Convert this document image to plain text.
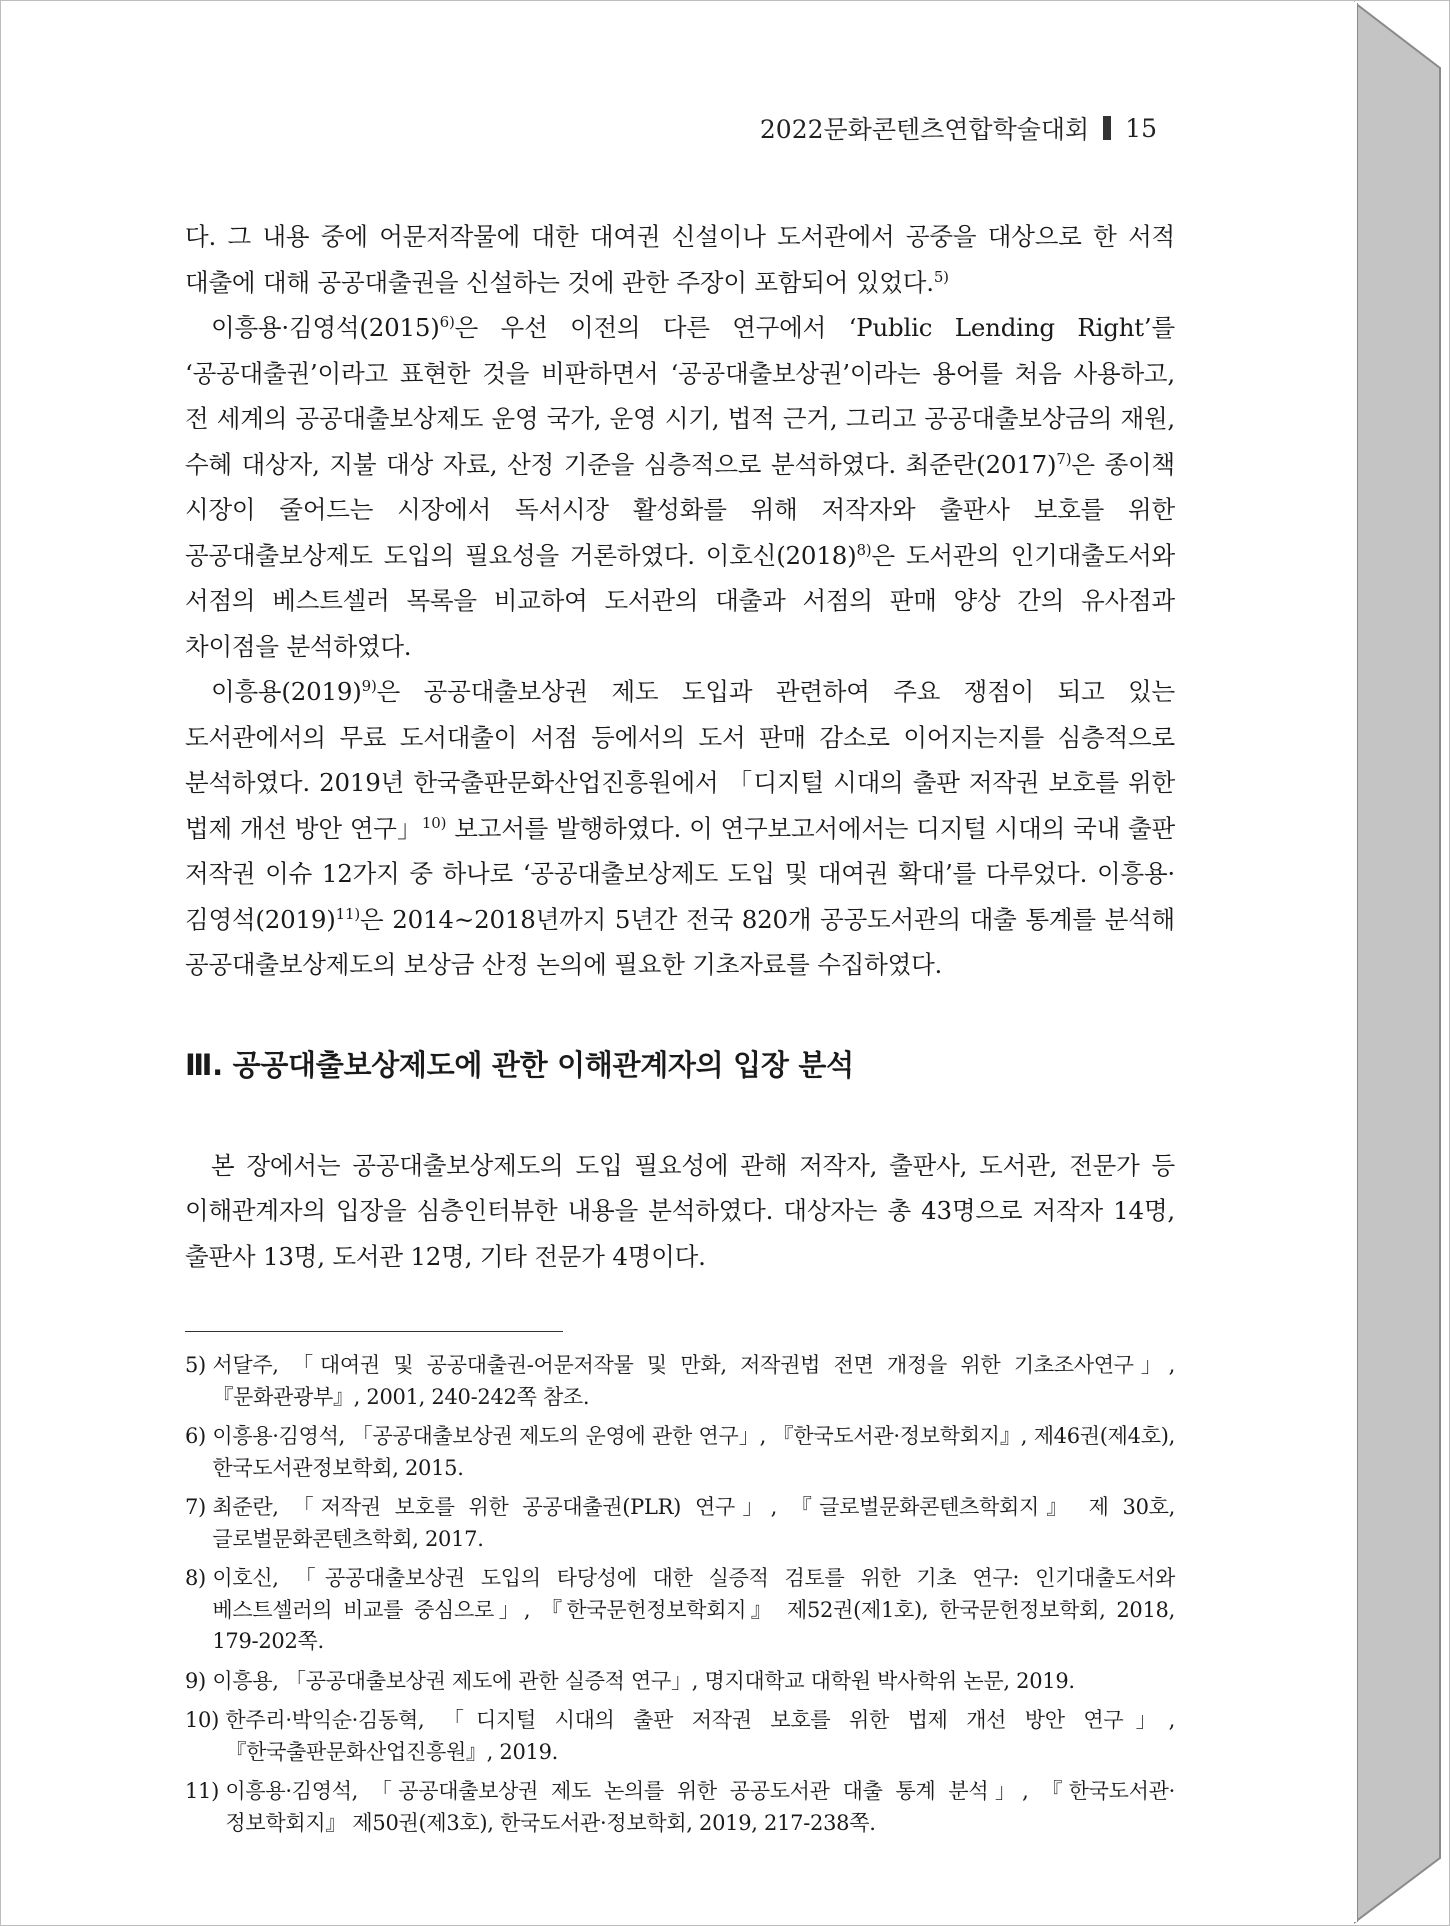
2022문화콘텐츠연합학술대회 15

다. 그 내용 중에 어문저작물에 대한 대여권 신설이나 도서관에서 공중을 대상으로 한 서적 대출에 대해 공공대출권을 신설하는 것에 관한 주장이 포함되어 있었다.$^{5)}$

이흥용·김영석$(2015)^{6)}$은 우선 이전의 다른 연구에서 ‘Public Lending Right’를 ‘공공대출권’이라고 표현한 것을 비판하면서 ‘공공대출보상권’이라는 용어를 처음 사용하고, 전 세계의 공공대출보상제도 운영 국가, 운영 시기, 법적 근거, 그리고 공공대출보상금의 재원, 수혜 대상자, 지불 대상 자료, 산정 기준을 심층적으로 분석하였다. 최준란$(2017)^{7)}$은 종이책 시장이 줄어드는 시장에서 독서시장 활성화를 위해 저작자와 출판사 보호를 위한 공공대출보상제도 도입의 필요성을 거론하였다. 이호신$(2018)^{8)}$은 도서관의 인기대출도서와 서점의 베스트셀러 목록을 비교하여 도서관의 대출과 서점의 판매 양상 간의 유사점과 차이점을 분석하였다.

이흥용$(2019)^{9)}$은 공공대출보상권 제도 도입과 관련하여 주요 쟁점이 되고 있는 도서관에서의 무료 도서대출이 서점 등에서의 도서 판매 감소로 이어지는지를 심층적으로 분석하였다. 2019년 한국출판문화산업진흥원에서 「디지털 시대의 출판 저작권 보호를 위한 법제 개선 방안 연구」$^{10)}$ 보고서를 발행하였다. 이 연구보고서에서는 디지털 시대의 국내 출판 저작권 이슈 12가지 중 하나로 ‘공공대출보상제도 도입 및 대여권 확대’를 다루었다. 이흥용·김영석$(2019)^{11)}$은 2014~2018년까지 5년간 전국 820개 공공도서관의 대출 통계를 분석해 공공대출보상제도의 보상금 산정 논의에 필요한 기초자료를 수집하였다.

Ⅲ. 공공대출보상제도에 관한 이해관계자의 입장 분석

본 장에서는 공공대출보상제도의 도입 필요성에 관해 저작자, 출판사, 도서관, 전문가 등 이해관계자의 입장을 심층인터뷰한 내용을 분석하였다. 대상자는 총 43명으로 저작자 14명, 출판사 13명, 도서관 12명, 기타 전문가 4명이다.

5) 서달주, 「대여권 및 공공대출권-어문저작물 및 만화, 저작권법 전면 개정을 위한 기초조사연구」, 『문화관광부』, 2001, 240-242쪽 참조.
6) 이흥용·김영석, 「공공대출보상권 제도의 운영에 관한 연구」, 『한국도서관·정보학회지』, 제46권(제4호), 한국도서관정보학회, 2015.
7) 최준란, 「저작권 보호를 위한 공공대출권(PLR) 연구」, 『글로벌문화콘텐츠학회지』 제 30호, 글로벌문화콘텐츠학회, 2017.
8) 이호신, 「공공대출보상권 도입의 타당성에 대한 실증적 검토를 위한 기초 연구: 인기대출도서와 베스트셀러의 비교를 중심으로」, 『한국문헌정보학회지』 제52권(제1호), 한국문헌정보학회, 2018, 179-202쪽.
9) 이흥용, 「공공대출보상권 제도에 관한 실증적 연구」, 명지대학교 대학원 박사학위 논문, 2019.
10) 한주리·박익순·김동혁, 「디지털 시대의 출판 저작권 보호를 위한 법제 개선 방안 연구」, 『한국출판문화산업진흥원』, 2019.
11) 이흥용·김영석, 「공공대출보상권 제도 논의를 위한 공공도서관 대출 통계 분석」, 『한국도서관·정보학회지』 제50권(제3호), 한국도서관·정보학회, 2019, 217-238쪽.
